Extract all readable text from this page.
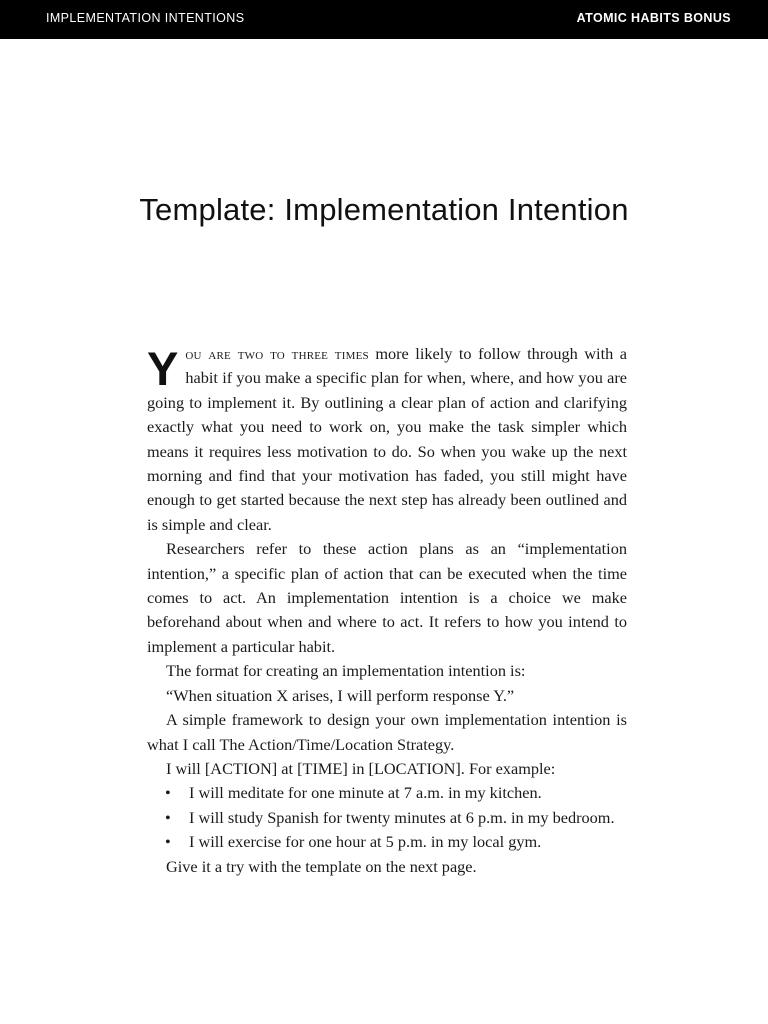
IMPLEMENTATION INTENTIONS	ATOMIC HABITS BONUS
Template: Implementation Intention

You are two to three times more likely to follow through with a habit if you make a specific plan for when, where, and how you are going to implement it. By outlining a clear plan of action and clarifying exactly what you need to work on, you make the task simpler which means it requires less motivation to do. So when you wake up the next morning and find that your motivation has faded, you still might have enough to get started because the next step has already been outlined and is simple and clear.

Researchers refer to these action plans as an “implementation intention,” a specific plan of action that can be executed when the time comes to act. An implementation intention is a choice we make beforehand about when and where to act. It refers to how you intend to implement a particular habit.

The format for creating an implementation intention is:

“When situation X arises, I will perform response Y.”

A simple framework to design your own implementation intention is what I call The Action/Time/Location Strategy.

I will [ACTION] at [TIME] in [LOCATION]. For example:

• I will meditate for one minute at 7 a.m. in my kitchen.
• I will study Spanish for twenty minutes at 6 p.m. in my bedroom.
• I will exercise for one hour at 5 p.m. in my local gym.

Give it a try with the template on the next page.
